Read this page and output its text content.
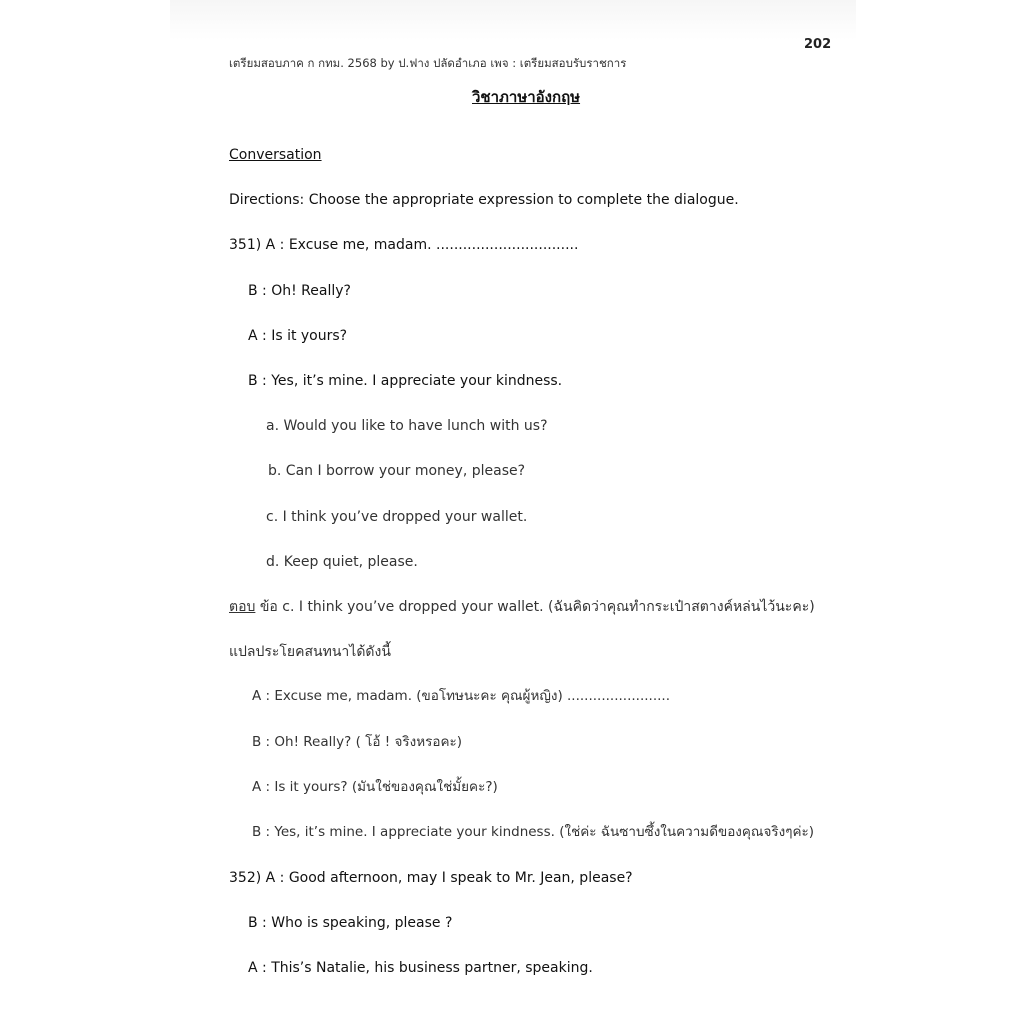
202
เตรียมสอบภาค ก กทม. 2568 by ป.ฟาง ปลัดอำเภอ เพจ : เตรียมสอบรับราชการ
วิชาภาษาอังกฤษ
Conversation
Directions: Choose the appropriate expression to complete the dialogue.
351) A : Excuse me, madam. ................................
B : Oh! Really?
A : Is it yours?
B : Yes, it’s mine. I appreciate your kindness.
a. Would you like to have lunch with us?
b. Can I borrow your money, please?
c. I think you’ve dropped your wallet.
d. Keep quiet, please.
ตอบ ข้อ c. I think you’ve dropped your wallet. (ฉันคิดว่าคุณทำกระเป๋าสตางค์หล่นไว้นะคะ)
แปลประโยคสนทนาได้ดังนี้
A : Excuse me, madam. (ขอโทษนะคะ คุณผู้หญิง) ........................
B : Oh! Really? ( โอ้ ! จริงหรอคะ)
A : Is it yours? (มันใช่ของคุณใช่มั้ยคะ?)
B : Yes, it’s mine. I appreciate your kindness. (ใช่ค่ะ ฉันซาบซึ้งในความดีของคุณจริงๆค่ะ)
352) A : Good afternoon, may I speak to Mr. Jean, please?
B : Who is speaking, please ?
A : This’s Natalie, his business partner, speaking.
